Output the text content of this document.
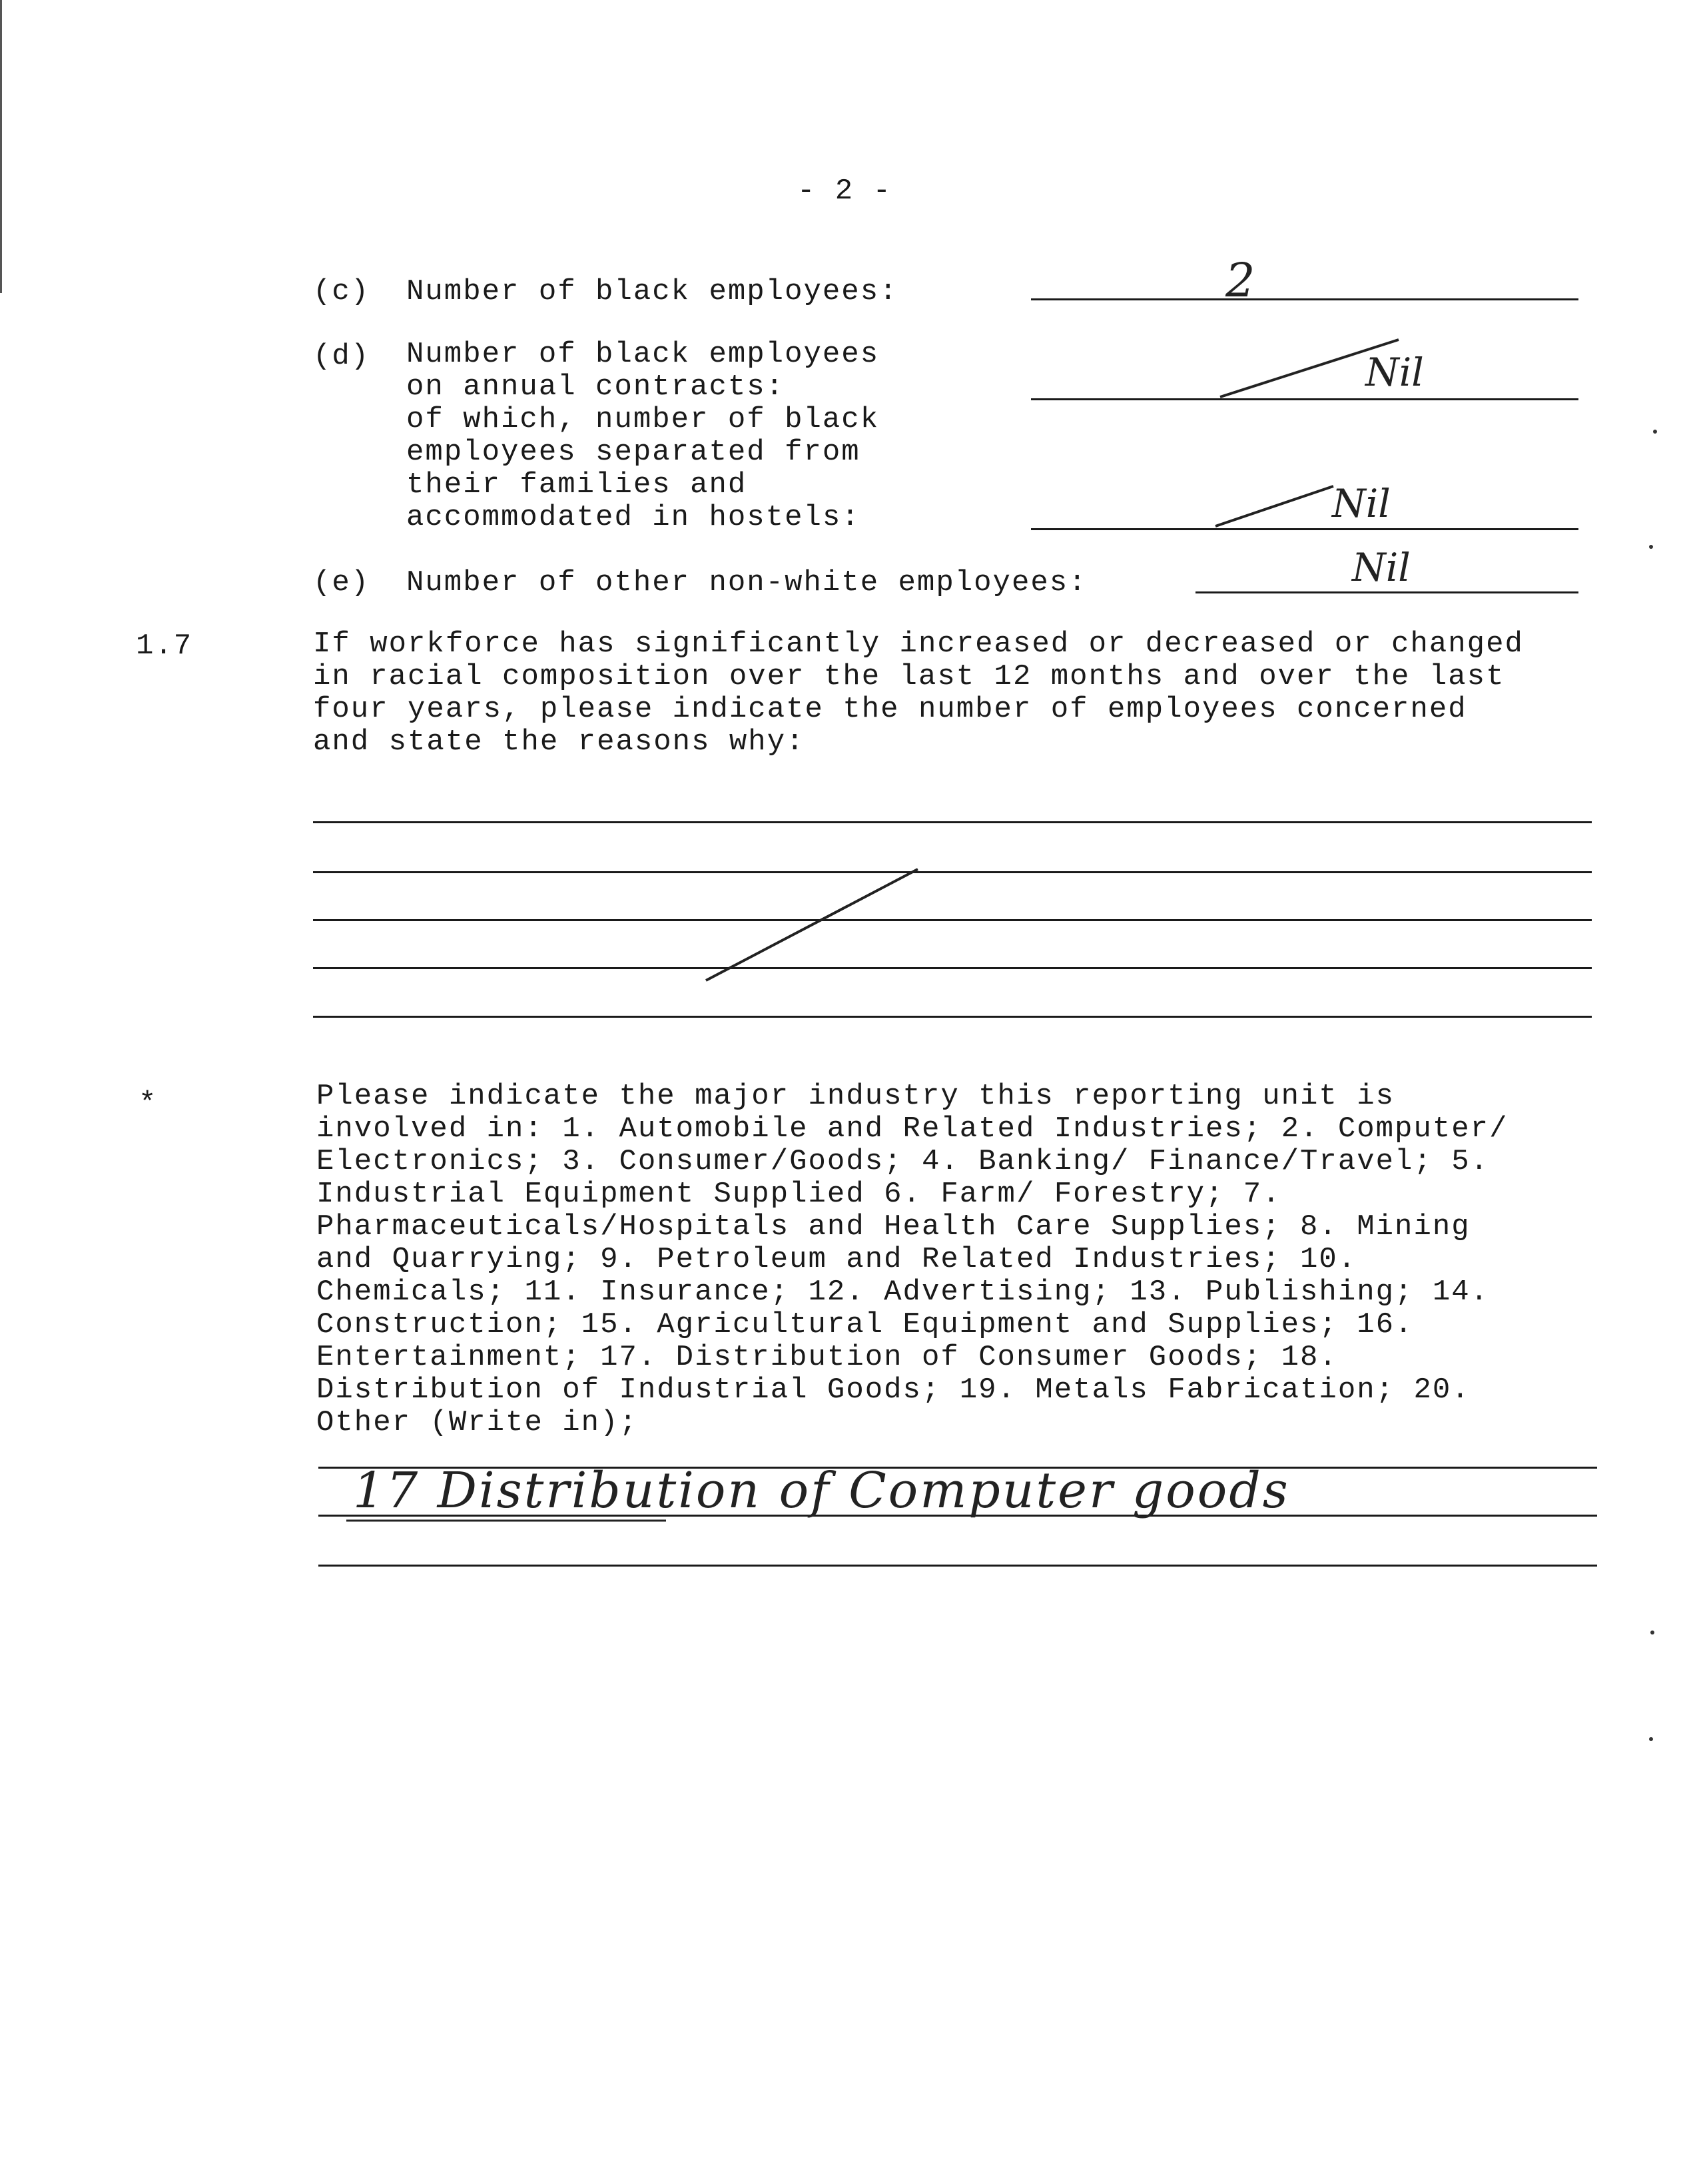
- 2 -
(c) Number of black employees:	2
(d) Number of black employees
on annual contracts:	Nil
of which, number of black
employees separated from
their families and
accommodated in hostels:	Nil
(e) Number of other non-white employees:	Nil
1.7	If workforce has significantly increased or decreased or changed
in racial composition over the last 12 months and over the last
four years, please indicate the number of employees concerned
and state the reasons why:
*	Please indicate the major industry this reporting unit is
involved in: 1. Automobile and Related Industries; 2. Computer/
Electronics; 3. Consumer/Goods; 4. Banking/ Finance/Travel; 5.
Industrial Equipment Supplied 6. Farm/ Forestry; 7.
Pharmaceuticals/Hospitals and Health Care Supplies; 8. Mining
and Quarrying; 9. Petroleum and Related Industries; 10.
Chemicals; 11. Insurance; 12. Advertising; 13. Publishing; 14.
Construction; 15. Agricultural Equipment and Supplies; 16.
Entertainment; 17. Distribution of Consumer Goods; 18.
Distribution of Industrial Goods; 19. Metals Fabrication; 20.
Other (Write in);
17 Distribution of Computer goods
